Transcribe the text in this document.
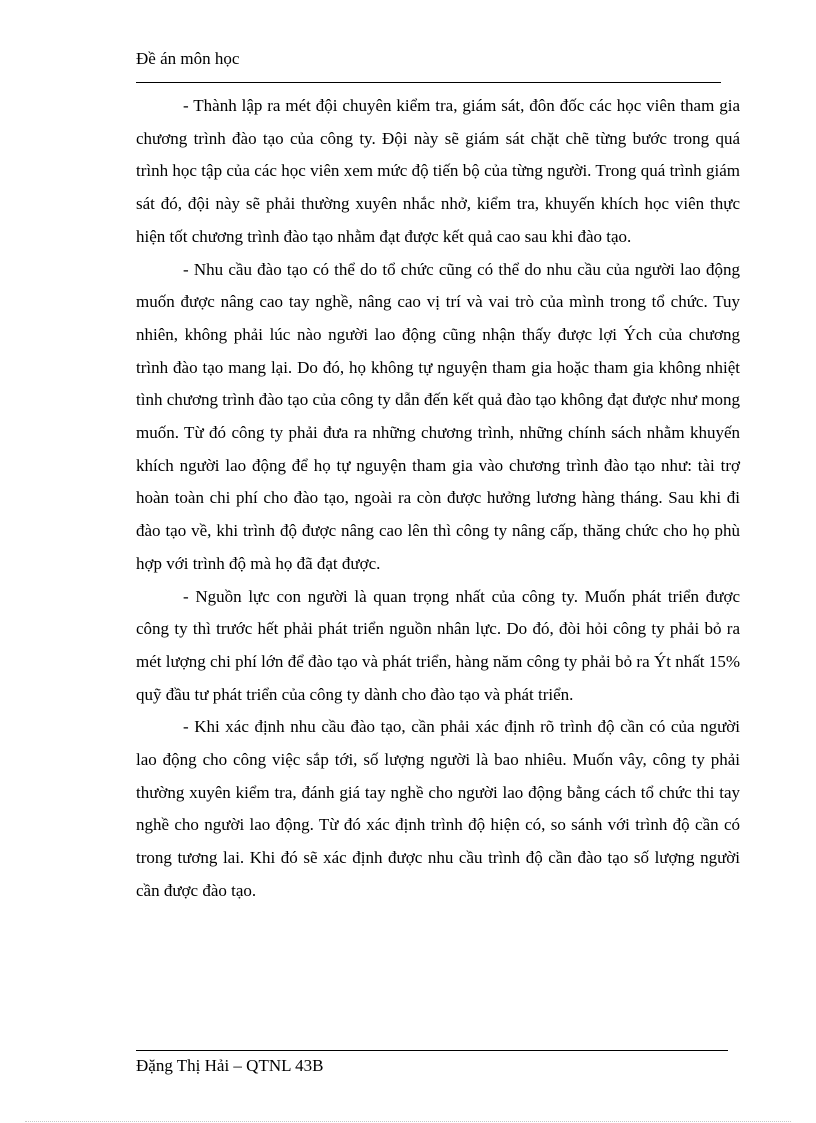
Đề án môn học

- Thành lập ra mét đội chuyên kiểm tra, giám sát, đôn đốc các học viên tham gia chương trình đào tạo của công ty. Đội này sẽ giám sát chặt chẽ từng bước trong quá trình học tập của các học viên xem mức độ tiến bộ của từng người. Trong quá trình giám sát đó, đội này sẽ phải thường xuyên nhắc nhở, kiểm tra, khuyến khích học viên thực hiện tốt chương trình đào tạo nhằm đạt được kết quả cao sau khi đào tạo.

- Nhu cầu đào tạo có thể do tổ chức cũng có thể do nhu cầu của người lao động muốn được nâng cao tay nghề, nâng cao vị trí và vai trò của mình trong tổ chức. Tuy nhiên, không phải lúc nào người lao động cũng nhận thấy được lợi Ých của chương trình đào tạo mang lại. Do đó, họ không tự nguyện tham gia hoặc tham gia không nhiệt tình chương trình đào tạo của công ty dẫn đến kết quả đào tạo không đạt được như mong muốn. Từ đó công ty phải đưa ra những chương trình, những chính sách nhằm khuyến khích người lao động để họ tự nguyện tham gia vào chương trình đào tạo như: tài trợ hoàn toàn chi phí cho đào tạo, ngoài ra còn được hưởng lương hàng tháng. Sau khi đi đào tạo về, khi trình độ được nâng cao lên thì công ty nâng cấp, thăng chức cho họ phù hợp với trình độ mà họ đã đạt được.

- Nguồn lực con người là quan trọng nhất của công ty. Muốn phát triển được công ty thì trước hết phải phát triển nguồn nhân lực. Do đó, đòi hỏi công ty phải bỏ ra mét lượng chi phí lớn để đào tạo và phát triển, hàng năm công ty phải bỏ ra Ýt nhất 15% quỹ đầu tư phát triển của công ty dành cho đào tạo và phát triển.

- Khi xác định nhu cầu đào tạo, cần phải xác định rõ trình độ cần có của người lao động cho công việc sắp tới, số lượng người là bao nhiêu. Muốn vây, công ty phải thường xuyên kiểm tra, đánh giá tay nghề cho người lao động bằng cách tổ chức thi tay nghề cho người lao động. Từ đó xác định trình độ hiện có, so sánh với trình độ cần có trong tương lai. Khi đó sẽ xác định được nhu cầu trình độ cần đào tạo số lượng người cần được đào tạo.

Đặng Thị Hải – QTNL 43B
